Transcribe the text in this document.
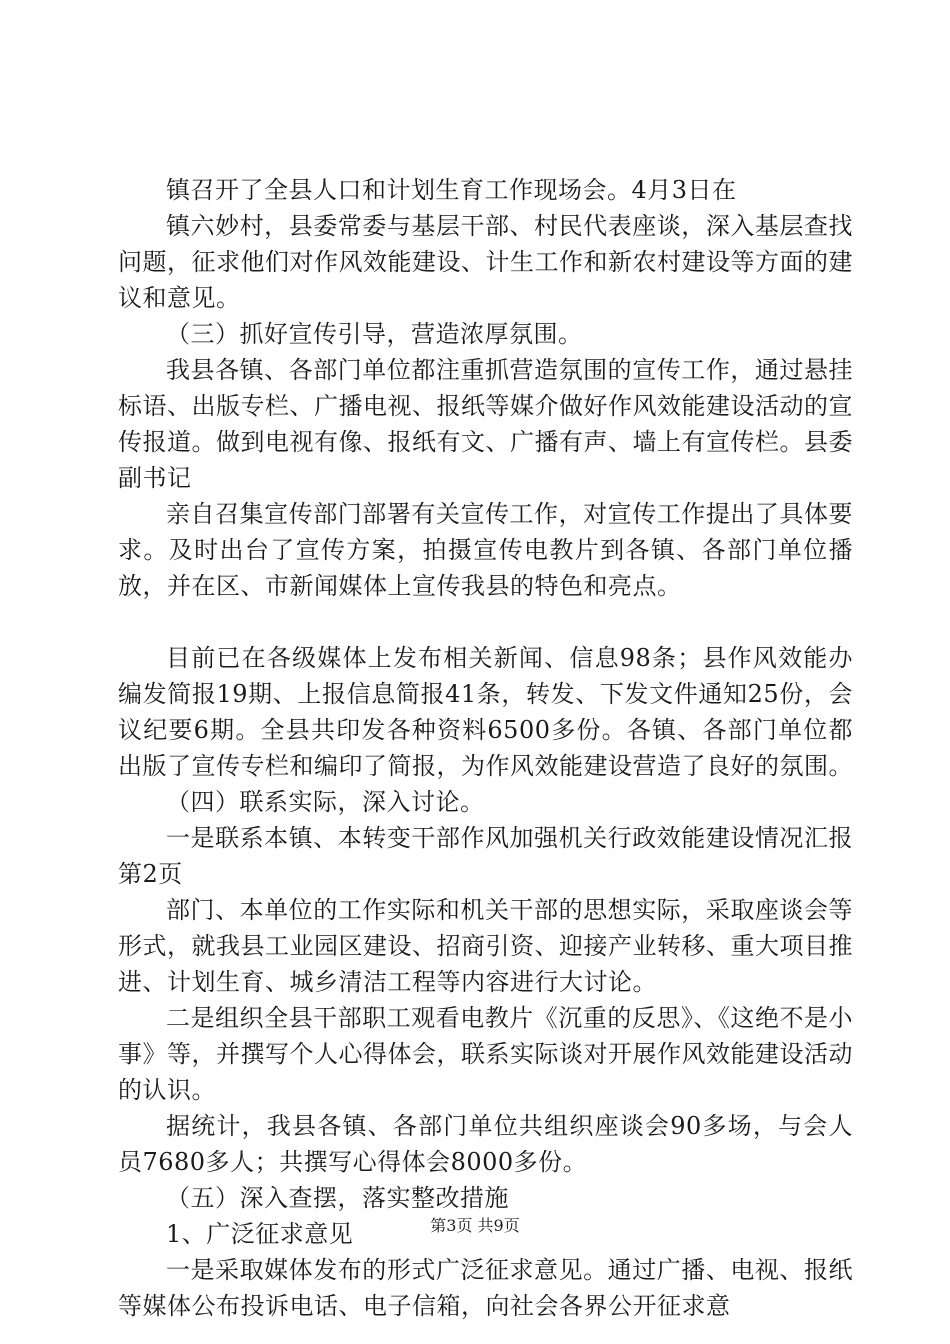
镇召开了全县人口和计划生育工作现场会。4月3日在

镇六妙村，县委常委与基层干部、村民代表座谈，深入基层查找问题，征求他们对作风效能建设、计生工作和新农村建设等方面的建议和意见。

（三）抓好宣传引导，营造浓厚氛围。

我县各镇、各部门单位都注重抓营造氛围的宣传工作，通过悬挂标语、出版专栏、广播电视、报纸等媒介做好作风效能建设活动的宣传报道。做到电视有像、报纸有文、广播有声、墙上有宣传栏。县委副书记

亲自召集宣传部门部署有关宣传工作，对宣传工作提出了具体要求。及时出台了宣传方案，拍摄宣传电教片到各镇、各部门单位播放，并在区、市新闻媒体上宣传我县的特色和亮点。

目前已在各级媒体上发布相关新闻、信息98条；县作风效能办编发简报19期、上报信息简报41条，转发、下发文件通知25份，会议纪要6期。全县共印发各种资料6500多份。各镇、各部门单位都出版了宣传专栏和编印了简报，为作风效能建设营造了良好的氛围。

（四）联系实际，深入讨论。

一是联系本镇、本转变干部作风加强机关行政效能建设情况汇报第2页

部门、本单位的工作实际和机关干部的思想实际，采取座谈会等形式，就我县工业园区建设、招商引资、迎接产业转移、重大项目推进、计划生育、城乡清洁工程等内容进行大讨论。

二是组织全县干部职工观看电教片《沉重的反思》、《这绝不是小事》等，并撰写个人心得体会，联系实际谈对开展作风效能建设活动的认识。

据统计，我县各镇、各部门单位共组织座谈会90多场，与会人员7680多人；共撰写心得体会8000多份。

（五）深入查摆，落实整改措施

1、广泛征求意见

一是采取媒体发布的形式广泛征求意见。通过广播、电视、报纸等媒体公布投诉电话、电子信箱，向社会各界公开征求意

第3页 共9页
